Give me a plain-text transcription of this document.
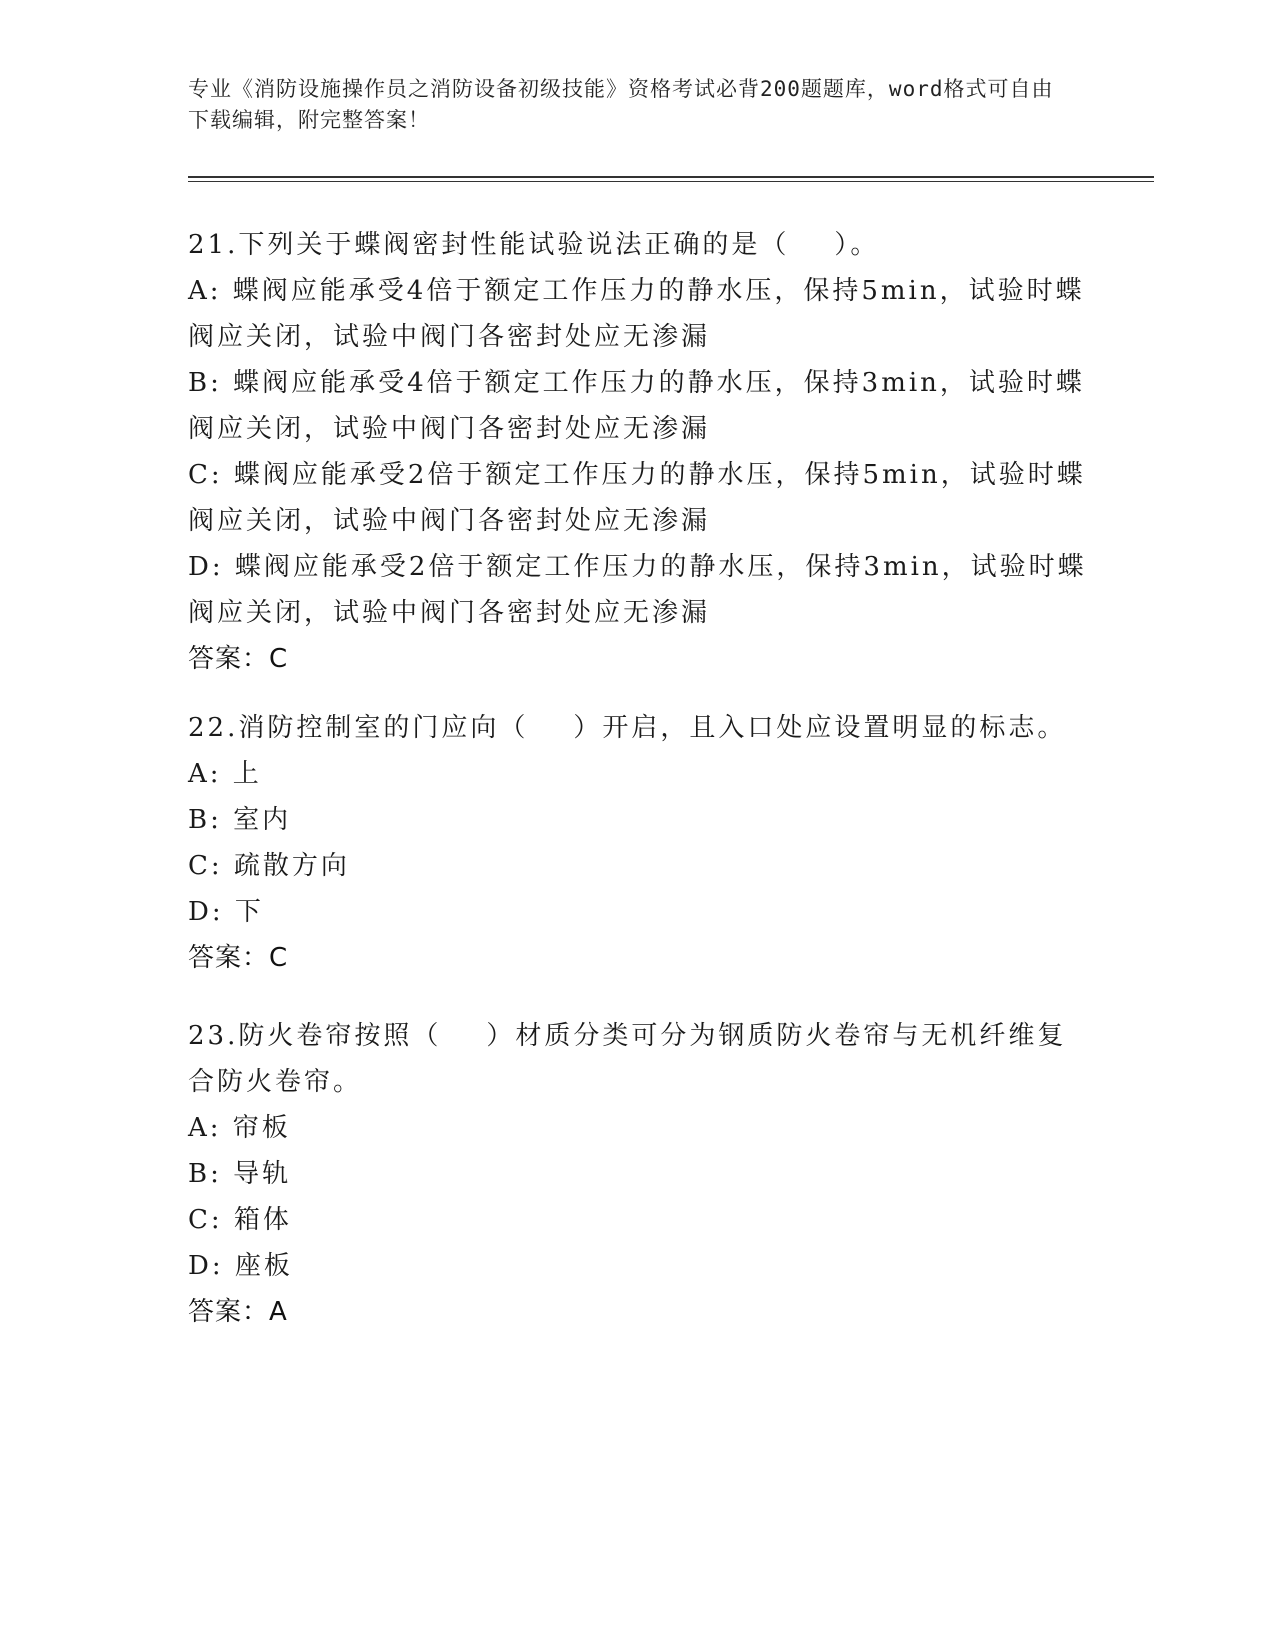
专业《消防设施操作员之消防设备初级技能》资格考试必背200题题库，word格式可自由下载编辑，附完整答案！
21.下列关于蝶阀密封性能试验说法正确的是（    ）。
A: 蝶阀应能承受4倍于额定工作压力的静水压，保持5min，试验时蝶阀应关闭，试验中阀门各密封处应无渗漏
B: 蝶阀应能承受4倍于额定工作压力的静水压，保持3min，试验时蝶阀应关闭，试验中阀门各密封处应无渗漏
C: 蝶阀应能承受2倍于额定工作压力的静水压，保持5min，试验时蝶阀应关闭，试验中阀门各密封处应无渗漏
D: 蝶阀应能承受2倍于额定工作压力的静水压，保持3min，试验时蝶阀应关闭，试验中阀门各密封处应无渗漏
答案：C
22.消防控制室的门应向（    ）开启，且入口处应设置明显的标志。
A: 上
B: 室内
C: 疏散方向
D: 下
答案：C
23.防火卷帘按照（    ）材质分类可分为钢质防火卷帘与无机纤维复合防火卷帘。
A: 帘板
B: 导轨
C: 箱体
D: 座板
答案：A
